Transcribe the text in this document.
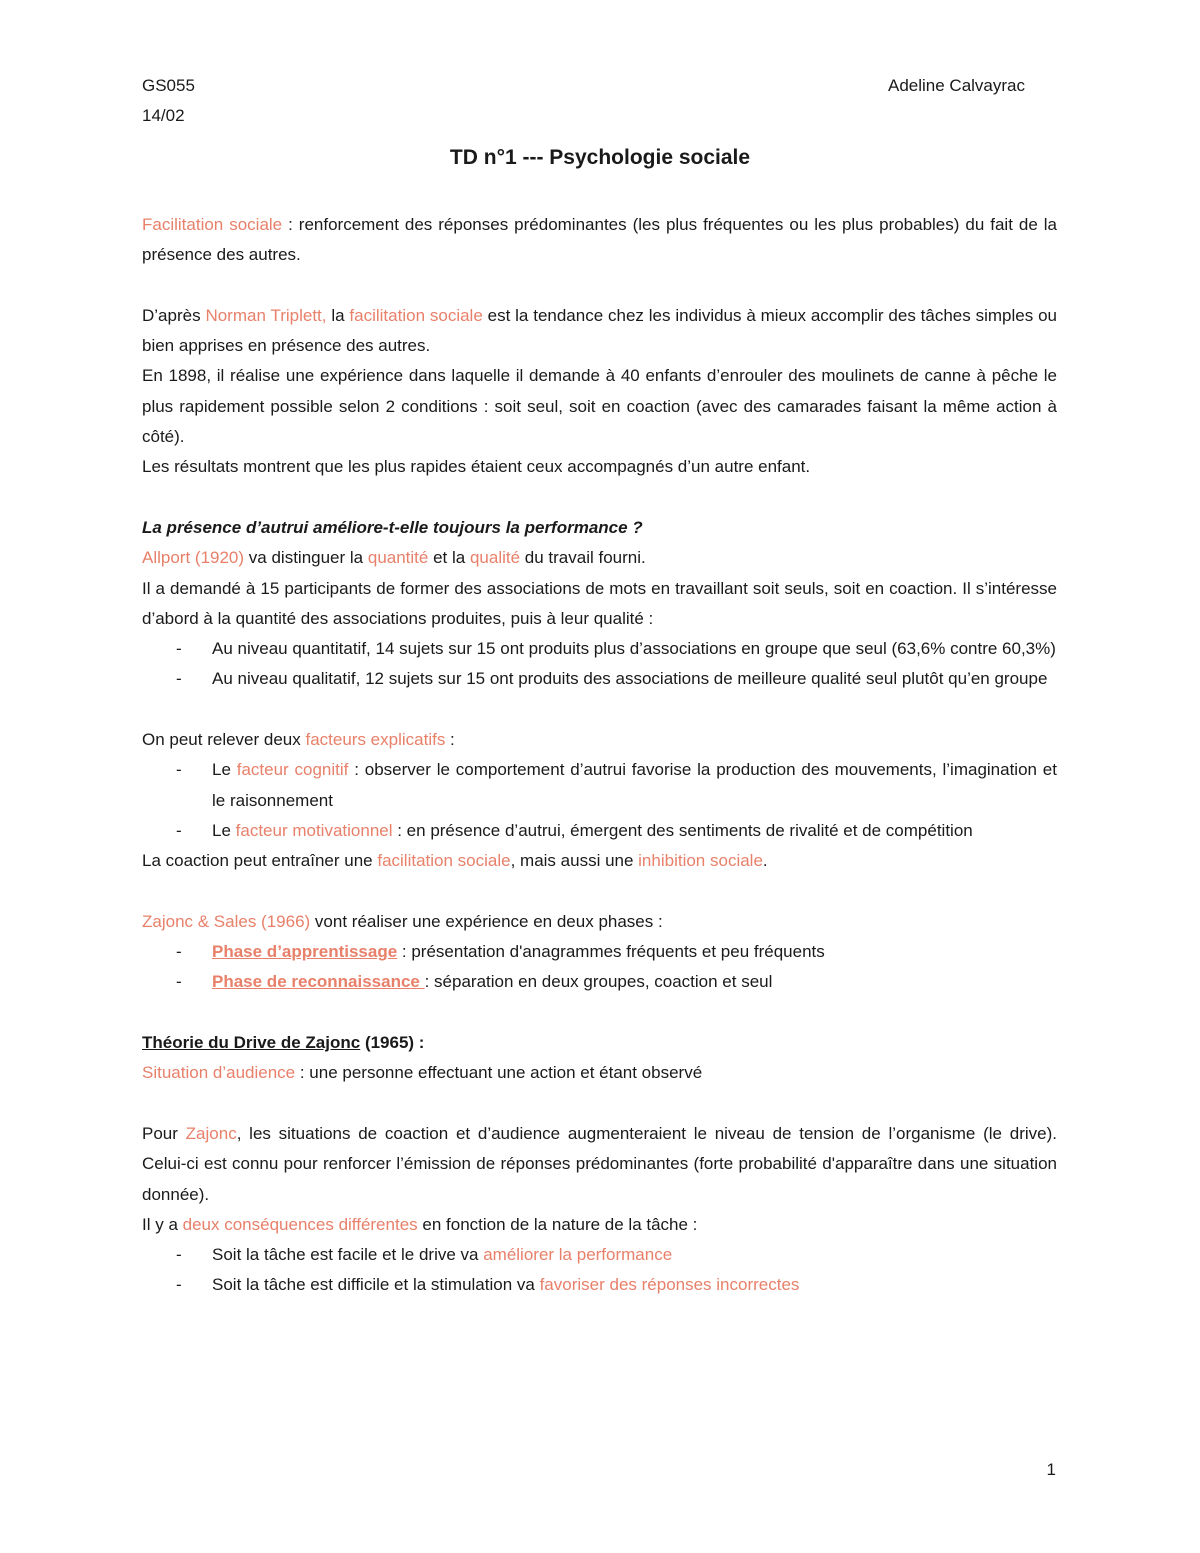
GS055
14/02
Adeline Calvayrac
TD n°1 --- Psychologie sociale

Facilitation sociale : renforcement des réponses prédominantes (les plus fréquentes ou les plus probables) du fait de la présence des autres.

D’après Norman Triplett, la facilitation sociale est la tendance chez les individus à mieux accomplir des tâches simples ou bien apprises en présence des autres.

En 1898, il réalise une expérience dans laquelle il demande à 40 enfants d’enrouler des moulinets de canne à pêche le plus rapidement possible selon 2 conditions : soit seul, soit en coaction (avec des camarades faisant la même action à côté).

Les résultats montrent que les plus rapides étaient ceux accompagnés d’un autre enfant.

La présence d’autrui améliore-t-elle toujours la performance ?

Allport (1920) va distinguer la quantité et la qualité du travail fourni.

Il a demandé à 15 participants de former des associations de mots en travaillant soit seuls, soit en coaction. Il s’intéresse d’abord à la quantité des associations produites, puis à leur qualité :

-	Au niveau quantitatif, 14 sujets sur 15 ont produits plus d’associations en groupe que seul (63,6% contre 60,3%)
-	Au niveau qualitatif, 12 sujets sur 15 ont produits des associations de meilleure qualité seul plutôt qu’en groupe

On peut relever deux facteurs explicatifs :

-	Le facteur cognitif : observer le comportement d’autrui favorise la production des mouvements, l’imagination et le raisonnement
-	Le facteur motivationnel : en présence d’autrui, émergent des sentiments de rivalité et de compétition

La coaction peut entraîner une facilitation sociale, mais aussi une inhibition sociale.

Zajonc & Sales (1966) vont réaliser une expérience en deux phases :

-	Phase d’apprentissage : présentation d'anagrammes fréquents et peu fréquents
-	Phase de reconnaissance : séparation en deux groupes, coaction et seul

Théorie du Drive de Zajonc (1965) :

Situation d’audience : une personne effectuant une action et étant observé

Pour Zajonc, les situations de coaction et d’audience augmenteraient le niveau de tension de l’organisme (le drive). Celui-ci est connu pour renforcer l’émission de réponses prédominantes (forte probabilité d'apparaître dans une situation donnée).

Il y a deux conséquences différentes en fonction de la nature de la tâche :

-	Soit la tâche est facile et le drive va améliorer la performance
-	Soit la tâche est difficile et la stimulation va favoriser des réponses incorrectes
1
